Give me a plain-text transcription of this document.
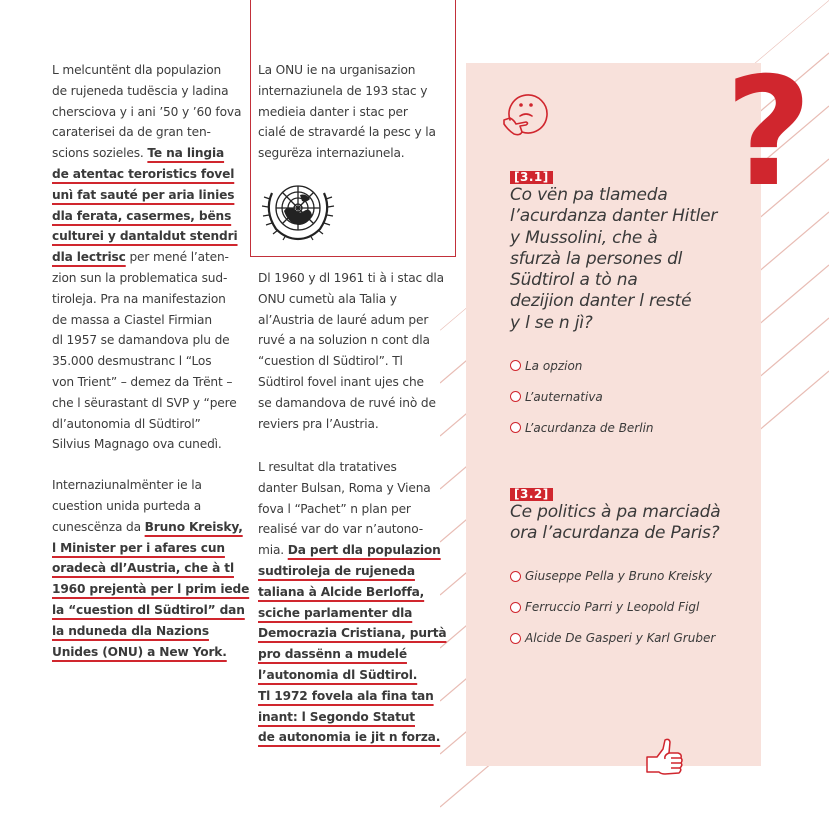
L melcuntënt dla populazion
de rujeneda tudëscia y ladina
chersciova y i ani ’50 y ’60 fova
caraterisei da de gran ten-
scions sozieles. Te na lingia
de atentac teroristics fovel
unì fat sauté per aria linies
dla ferata, casermes, bëns
culturei y dantaldut stendri
dla lectrisc per mené l’aten-
zion sun la problematica sud-
tiroleja. Pra na manifestazion
de massa a Ciastel Firmian
dl 1957 se damandova plu de
35.000 desmustranc l “Los
von Trient” – demez da Trënt –
che l sëurastant dl SVP y “pere
dl’autonomia dl Südtirol”
Silvius Magnago ova cunedì.

Internaziunalmënter ie la
cuestion unida purteda a
cunescënza da Bruno Kreisky,
l Minister per i afares cun
oradecà dl’Austria, che à tl
1960 prejentà per l prim iede
la “cuestion dl Südtirol” dan
la nduneda dla Nazions
Unides (ONU) a New York.

La ONU ie na urganisazion
internaziunela de 193 stac y
medieia danter i stac per
cialé de stravardé la pesc y la
segurëza internaziunela.
Dl 1960 y dl 1961 ti à i stac dla
ONU cumetù ala Talia y
al’Austria de lauré adum per
ruvé a na soluzion n cont dla
“cuestion dl Südtirol”. Tl
Südtirol fovel inant ujes che
se damandova de ruvé inò de
reviers pra l’Austria.
L resultat dla tratatives
danter Bulsan, Roma y Viena
fova l “Pachet” n plan per
realisé var do var n’autono-
mia. Da pert dla populazion
sudtiroleja de rujeneda
taliana à Alcide Berloffa,
sciche parlamenter dla
Democrazia Cristiana, purtà
pro dassënn a mudelé
l’autonomia dl Südtirol.
Tl 1972 fovela ala fina tan
inant: l Segondo Statut
de autonomia ie jit n forza.
?
[3.1]

Co vën pa tlameda
l’acurdanza danter Hitler
y Mussolini, che à
sfurzà la persones dl
Südtirol a tò na
dezijion danter l resté
y l se n jì?

La opzion
L’auternativa
L’acurdanza de Berlin
[3.2]

Ce politics à pa marciadà
ora l’acurdanza de Paris?

Giuseppe Pella y Bruno Kreisky
Ferruccio Parri y Leopold Figl
Alcide De Gasperi y Karl Gruber
